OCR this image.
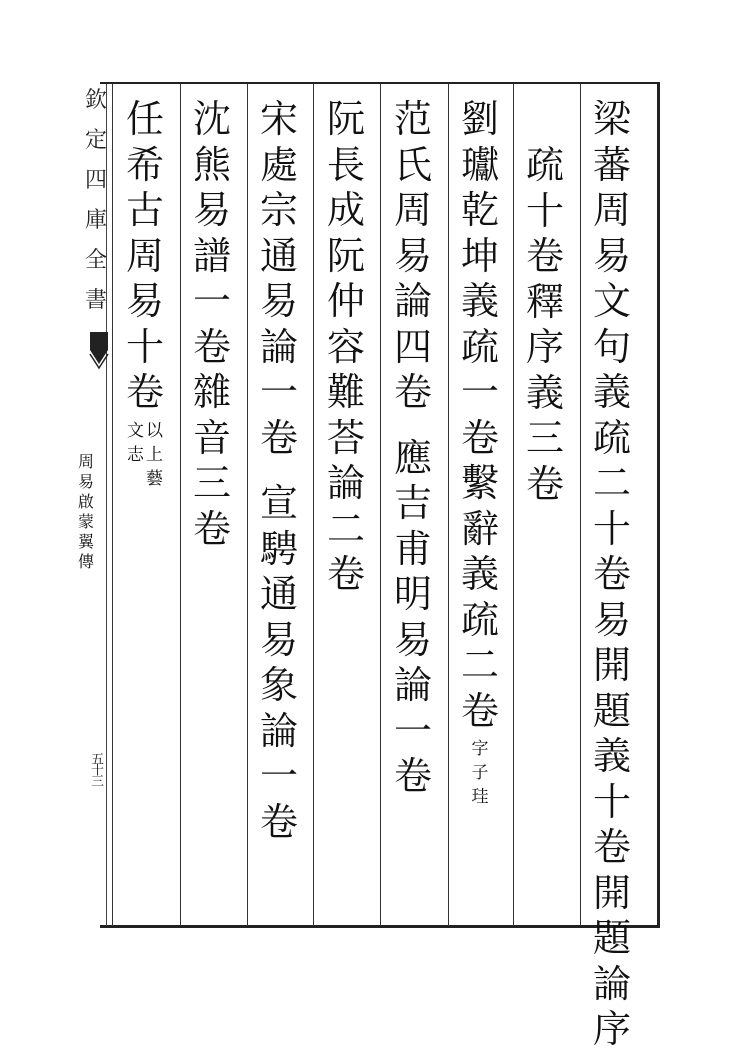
欽
定
四
庫
全
書
周
易
啟
蒙
翼
傳
五十三
梁
蕃
周
易
文
句
義
疏
二
十
卷
易
開
題
義
十
卷
開
題
論
序
疏
十
卷
釋
序
義
三
卷
劉
瓛
乾
坤
義
疏
一
卷
繫
辭
義
疏
二
卷
字
子
珪
范
氏
周
易
論
四
卷
應
吉
甫
明
易
論
一
卷
阮
長
成
阮
仲
容
難
荅
論
二
卷
宋
處
宗
通
易
論
一
卷
宣
騁
通
易
象
論
一
卷
沈
熊
易
譜
一
卷
雜
音
三
卷
任
希
古
周
易
十
卷
以
上
藝
文
志
